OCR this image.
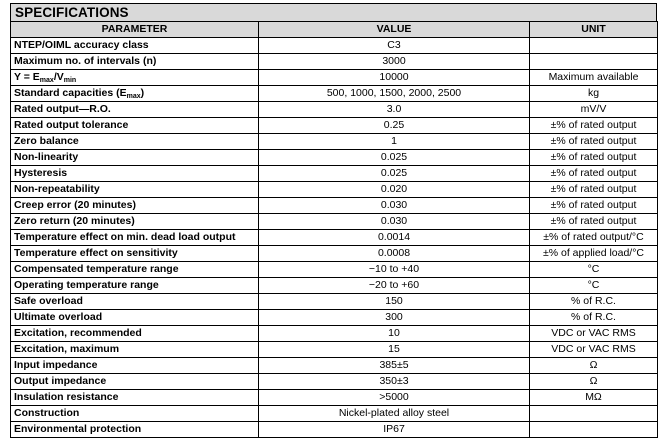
SPECIFICATIONS
PARAMETER	VALUE	UNIT
NTEP/OIML accuracy class	C3	
Maximum no. of intervals (n)	3000	
$Y = E_{max}/V_{min}$	10000	Maximum available
Standard capacities $(E_{max})$	500, 1000, 1500, 2000, 2500	kg
Rated output—R.O.	3.0	mV/V
Rated output tolerance	0.25	±% of rated output
Zero balance	1	±% of rated output
Non-linearity	0.025	±% of rated output
Hysteresis	0.025	±% of rated output
Non-repeatability	0.020	±% of rated output
Creep error (20 minutes)	0.030	±% of rated output
Zero return (20 minutes)	0.030	±% of rated output
Temperature effect on min. dead load output	0.0014	±% of rated output/°C
Temperature effect on sensitivity	0.0008	±% of applied load/°C
Compensated temperature range	−10 to +40	°C
Operating temperature range	−20 to +60	°C
Safe overload	150	% of R.C.
Ultimate overload	300	% of R.C.
Excitation, recommended	10	VDC or VAC RMS
Excitation, maximum	15	VDC or VAC RMS
Input impedance	385±5	Ω
Output impedance	350±3	Ω
Insulation resistance	>5000	MΩ
Construction	Nickel-plated alloy steel	
Environmental protection	IP67	
